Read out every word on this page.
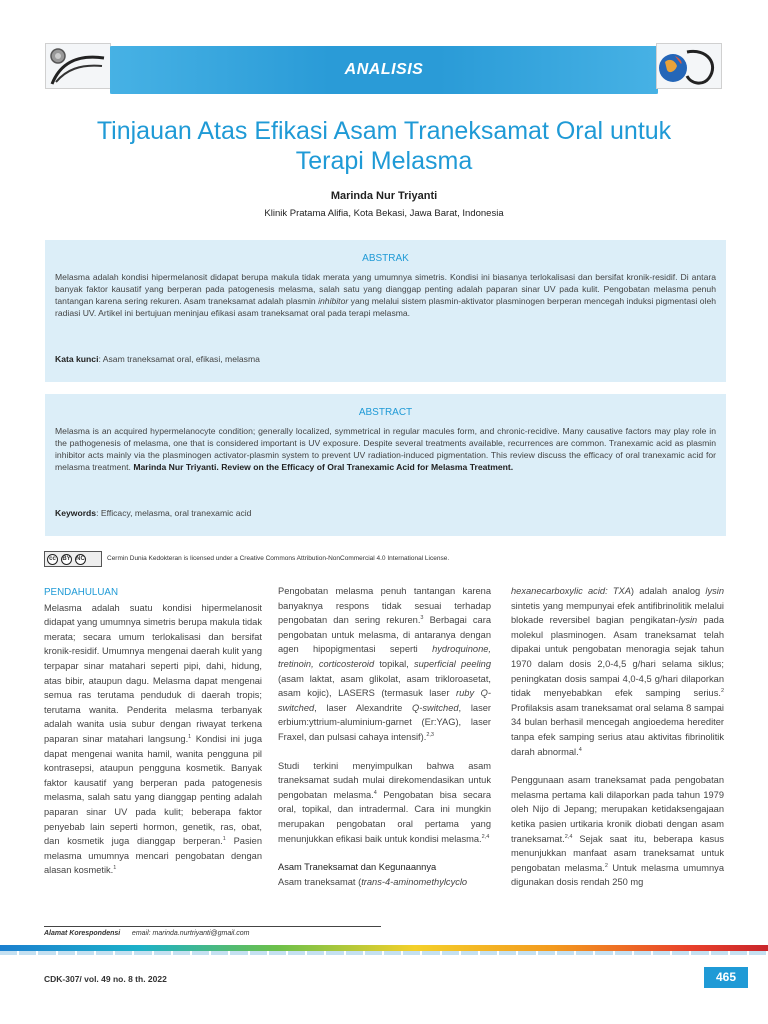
ANALISIS
Tinjauan Atas Efikasi Asam Traneksamat Oral untuk
Terapi Melasma
Marinda Nur Triyanti
Klinik Pratama Alifia, Kota Bekasi, Jawa Barat, Indonesia
ABSTRAK
Melasma adalah kondisi hipermelanosit didapat berupa makula tidak merata yang umumnya simetris. Kondisi ini biasanya terlokalisasi dan bersifat kronik-residif. Di antara banyak faktor kausatif yang berperan pada patogenesis melasma, salah satu yang dianggap penting adalah paparan sinar UV pada kulit. Pengobatan melasma penuh tantangan karena sering rekuren. Asam traneksamat adalah plasmin inhibitor yang melalui sistem plasmin-aktivator plasminogen berperan mencegah induksi pigmentasi oleh radiasi UV. Artikel ini bertujuan meninjau efikasi asam traneksamat oral pada terapi melasma.
Kata kunci: Asam traneksamat oral, efikasi, melasma
ABSTRACT
Melasma is an acquired hypermelanocyte condition; generally localized, symmetrical in regular macules form, and chronic-recidive. Many causative factors may play role in the pathogenesis of melasma, one that is considered important is UV exposure. Despite several treatments available, recurrences are common. Tranexamic acid as plasmin inhibitor acts mainly via the plasminogen activator-plasmin system to prevent UV radiation-induced pigmentation. This review discuss the efficacy of oral tranexamic acid for melasma treatment. Marinda Nur Triyanti. Review on the Efficacy of Oral Tranexamic Acid for Melasma Treatment.
Keywords: Efficacy, melasma, oral tranexamic acid
cc	BY NC	Cermin Dunia Kedokteran is licensed under a Creative Commons Attribution-NonCommercial 4.0 International License.
PENDAHULUAN

Melasma adalah suatu kondisi hipermelanosit didapat yang umumnya simetris berupa makula tidak merata; secara umum terlokalisasi dan bersifat kronik-residif. Umumnya mengenai daerah kulit yang terpapar sinar matahari seperti pipi, dahi, hidung, atas bibir, ataupun dagu. Melasma dapat mengenai semua ras terutama penduduk di daerah tropis; terutama wanita. Penderita melasma terbanyak adalah wanita usia subur dengan riwayat terkena paparan sinar matahari langsung.$^1$ Kondisi ini juga dapat mengenai wanita hamil, wanita pengguna pil kontrasepsi, ataupun pengguna kosmetik. Banyak faktor kausatif yang berperan pada patogenesis melasma, salah satu yang dianggap penting adalah paparan sinar UV pada kulit; beberapa faktor penyebab lain seperti hormon, genetik, ras, obat, dan kosmetik juga dianggap berperan.$^1$ Pasien melasma umumnya mencari pengobatan dengan alasan kosmetik.$^1$

Pengobatan melasma penuh tantangan karena banyaknya respons tidak sesuai terhadap pengobatan dan sering rekuren.$^3$ Berbagai cara pengobatan untuk melasma, di antaranya dengan agen hipopigmentasi seperti hydroquinone, tretinoin, corticosteroid topikal, superficial peeling (asam laktat, asam glikolat, asam trikloroasetat, asam kojic), LASERS (termasuk laser ruby Q-switched, laser Alexandrite Q-switched, laser erbium:yttrium-aluminium-garnet (Er:YAG), laser Fraxel, dan pulsasi cahaya intensif).$^{2,3}$

Studi terkini menyimpulkan bahwa asam traneksamat sudah mulai direkomendasikan untuk pengobatan melasma.$^4$ Pengobatan bisa secara oral, topikal, dan intradermal. Cara ini mungkin merupakan pengobatan oral pertama yang menunjukkan efikasi baik untuk kondisi melasma.$^{2,4}$

Asam Traneksamat dan Kegunaannya

Asam traneksamat (trans-4-aminomethylcyclo

hexanecarboxylic acid: TXA) adalah analog lysin sintetis yang mempunyai efek antifibrinolitik melalui blokade reversibel bagian pengikatan-lysin pada molekul plasminogen. Asam traneksamat telah dipakai untuk pengobatan menoragia sejak tahun 1970 dalam dosis 2,0-4,5 g/hari selama siklus; peningkatan dosis sampai 4,0-4,5 g/hari dilaporkan tidak menyebabkan efek samping serius.$^2$ Profilaksis asam traneksamat oral selama 8 sampai 34 bulan berhasil mencegah angioedema herediter tanpa efek samping serius atau aktivitas fibrinolitik darah abnormal.$^4$

Penggunaan asam traneksamat pada pengobatan melasma pertama kali dilaporkan pada tahun 1979 oleh Nijo di Jepang; merupakan ketidaksengajaan ketika pasien urtikaria kronik diobati dengan asam traneksamat.$^{2,4}$ Sejak saat itu, beberapa kasus menunjukkan manfaat asam traneksamat untuk pengobatan melasma.$^2$ Untuk melasma umumnya digunakan dosis rendah 250 mg

Alamat Korespondensi email: marinda.nurtriyanti@gmail.com
CDK-307/ vol. 49 no. 8 th. 2022	465
